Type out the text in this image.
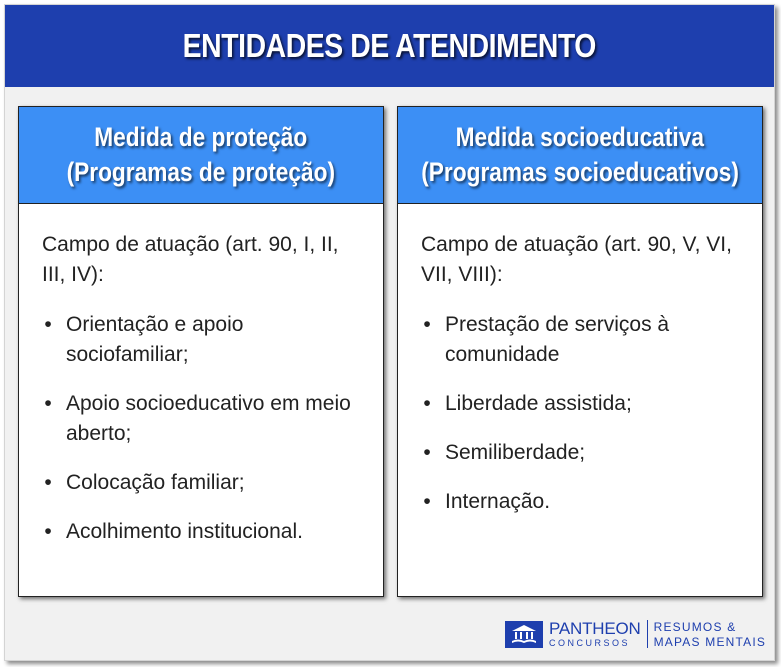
ENTIDADES DE ATENDIMENTO
Medida de proteção
(Programas de proteção)
Campo de atuação (art. 90, I, II,
III, IV):
• Orientação e apoio
sociofamiliar;
• Apoio socioeducativo em meio
aberto;
• Colocação familiar;
• Acolhimento institucional.
Medida socioeducativa
(Programas socioeducativos)
Campo de atuação (art. 90, V, VI,
VII, VIII):
• Prestação de serviços à
comunidade
• Liberdade assistida;
• Semiliberdade;
• Internação.
PANTHEON
CONCURSOS
RESUMOS &
MAPAS MENTAIS
